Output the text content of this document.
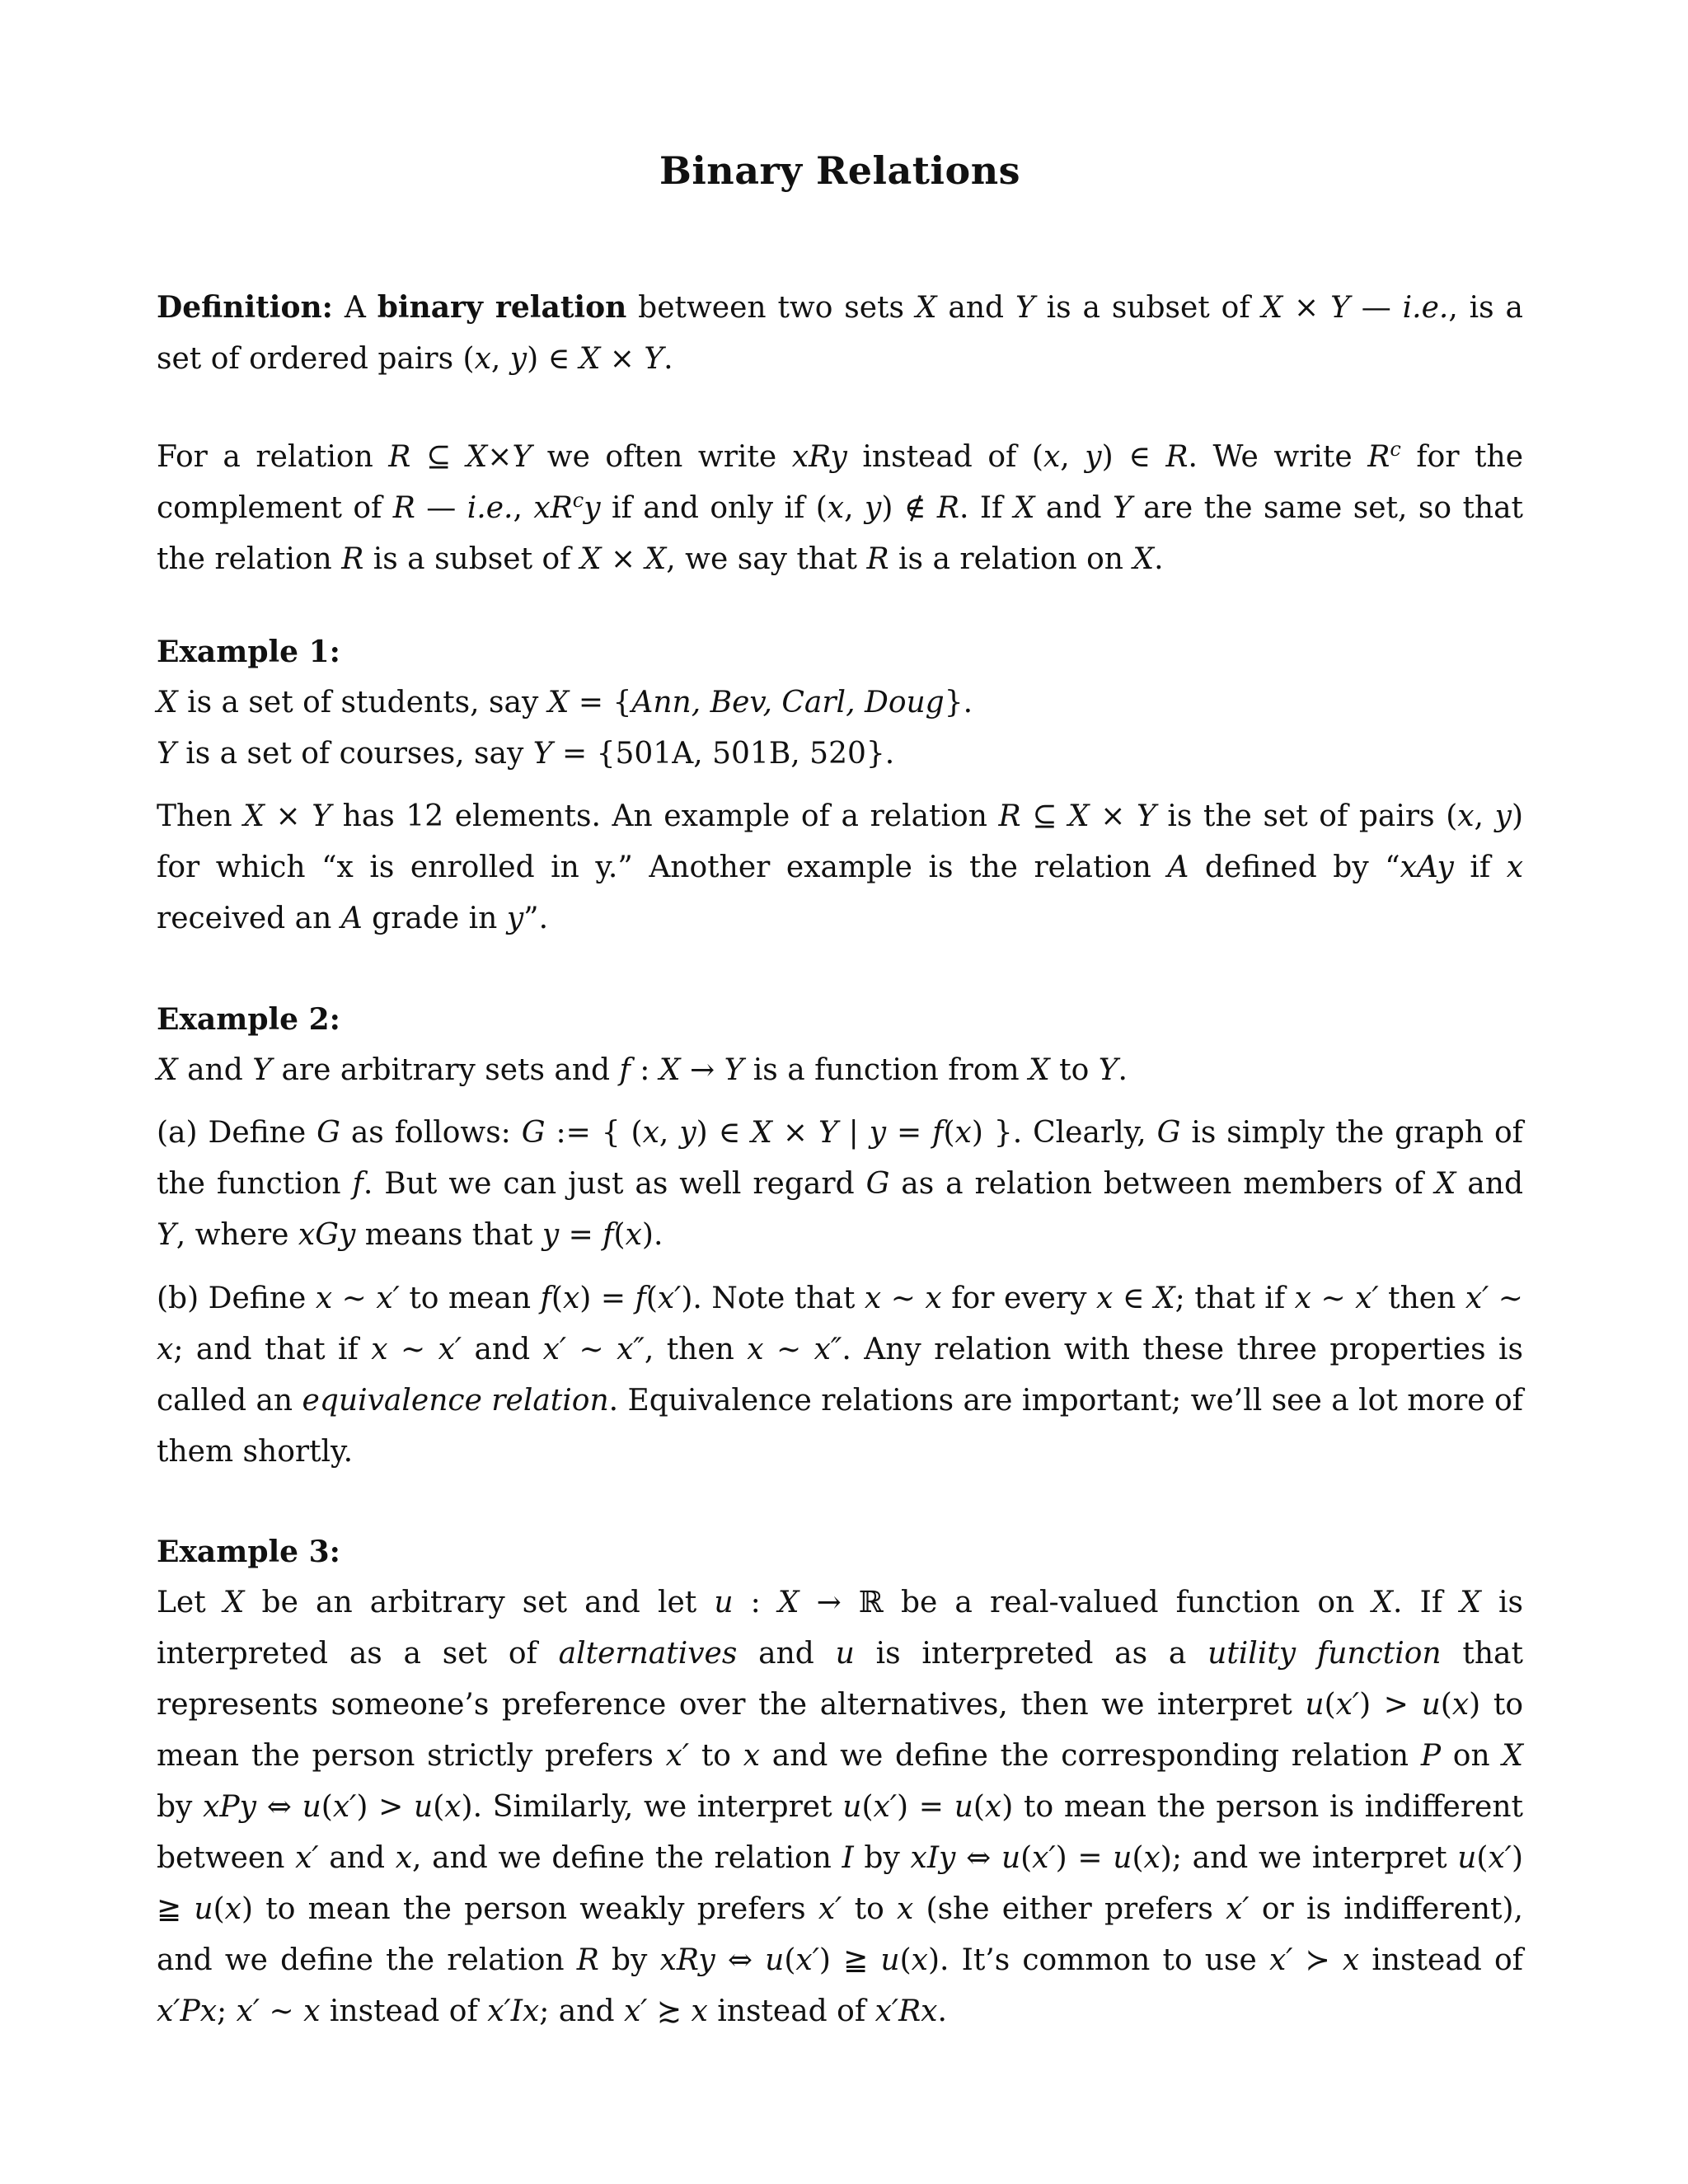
Binary Relations

Definition: A binary relation between two sets X and Y is a subset of X × Y — i.e., is a set of ordered pairs (x, y) ∈ X × Y.

For a relation R ⊆ X×Y we often write xRy instead of (x, y) ∈ R. We write $R^c$ for the complement of R — i.e., $xR^cy$ if and only if (x, y) ∉ R. If X and Y are the same set, so that the relation R is a subset of X × X, we say that R is a relation on X.

Example 1:

X is a set of students, say X = {Ann, Bev, Carl, Doug}.

Y is a set of courses, say Y = {501A, 501B, 520}.

Then X × Y has 12 elements. An example of a relation R ⊆ X × Y is the set of pairs (x, y) for which “x is enrolled in y.” Another example is the relation A defined by “xAy if x received an A grade in y”.

Example 2:

X and Y are arbitrary sets and f : X → Y is a function from X to Y.

(a) Define G as follows: G := { (x, y) ∈ X × Y | y = f(x) }. Clearly, G is simply the graph of the function f. But we can just as well regard G as a relation between members of X and Y, where xGy means that y = f(x).

(b) Define x ∼ x′ to mean f(x) = f(x′). Note that x ∼ x for every x ∈ X; that if x ∼ x′ then x′ ∼ x; and that if x ∼ x′ and x′ ∼ x″, then x ∼ x″. Any relation with these three properties is called an equivalence relation. Equivalence relations are important; we’ll see a lot more of them shortly.

Example 3:

Let X be an arbitrary set and let u : X → ℝ be a real-valued function on X. If X is interpreted as a set of alternatives and u is interpreted as a utility function that represents someone’s preference over the alternatives, then we interpret u(x′) > u(x) to mean the person strictly prefers x′ to x and we define the corresponding relation P on X by xPy ⇔ u(x′) > u(x). Similarly, we interpret u(x′) = u(x) to mean the person is indifferent between x′ and x, and we define the relation I by xIy ⇔ u(x′) = u(x); and we interpret u(x′) ≧ u(x) to mean the person weakly prefers x′ to x (she either prefers x′ or is indifferent), and we define the relation R by xRy ⇔ u(x′) ≧ u(x). It’s common to use x′ ≻ x instead of x′Px; x′ ∼ x instead of x′Ix; and x′ ≿ x instead of x′Rx.
